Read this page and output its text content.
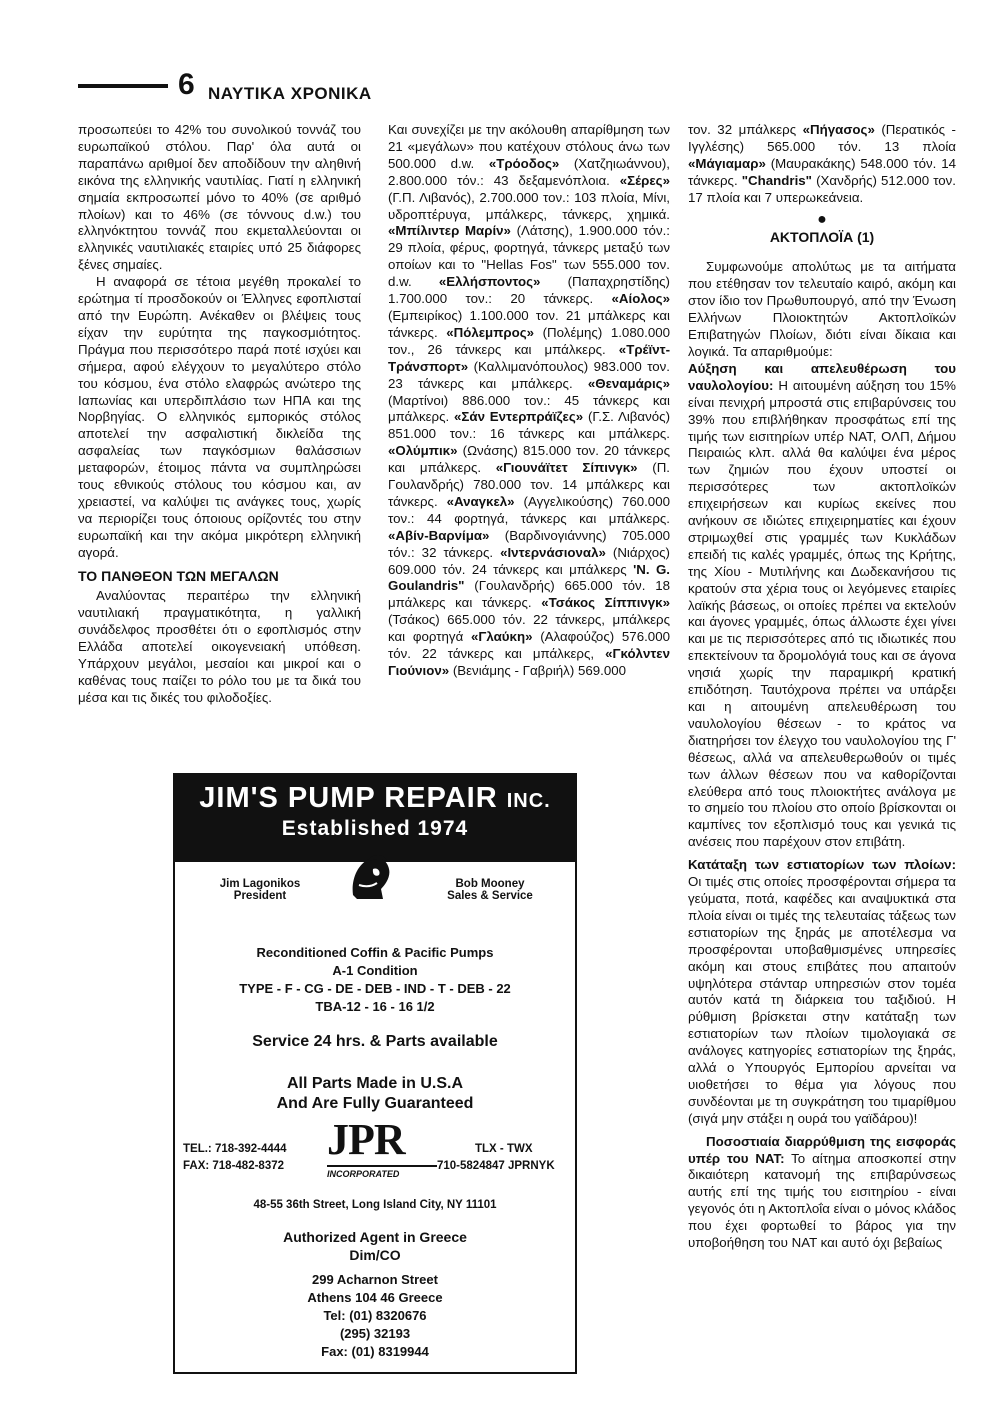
6 ΝΑΥΤΙΚΑ ΧΡΟΝΙΚΑ

προσωπεύει το 42% του συνολικού τοννάζ του ευρωπαϊκού στόλου. Παρ' όλα αυτά οι παραπάνω αριθμοί δεν αποδίδουν την αληθινή εικόνα της ελληνικής ναυτιλίας. Γιατί η ελληνική σημαία εκπροσωπεί μόνο το 40% (σε αριθμό πλοίων) και το 46% (σε τόννους d.w.) του ελληνόκτητου τοννάζ που εκμεταλλεύονται οι ελληνικές ναυτιλιακές εταιρίες υπό 25 διάφορες ξένες σημαίες.

Η αναφορά σε τέτοια μεγέθη προκαλεί το ερώτημα τί προσδοκούν οι Έλληνες εφοπλισταί από την Ευρώπη. Ανέκαθεν οι βλέψεις τους είχαν την ευρύτητα της παγκοσμιότητος. Πράγμα που περισσότερο παρά ποτέ ισχύει και σήμερα, αφού ελέγχουν το μεγαλύτερο στόλο του κόσμου, ένα στόλο ελαφρώς ανώτερο της Ιαπωνίας και υπερδιπλάσιο των ΗΠΑ και της Νορβηγίας. Ο ελληνικός εμπορικός στόλος αποτελεί την ασφαλιστική δικλείδα της ασφαλείας των παγκόσμιων θαλάσσιων μεταφορών, έτοιμος πάντα να συμπληρώσει τους εθνικούς στόλους του κόσμου και, αν χρειαστεί, να καλύψει τις ανάγκες τους, χωρίς να περιορίζει τους όποιους ορίζοντές του στην ευρωπαϊκή και την ακόμα μικρότερη ελληνική αγορά.

ΤΟ ΠΑΝΘΕΟΝ ΤΩΝ ΜΕΓΑΛΩΝ

Αναλύοντας περαιτέρω την ελληνική ναυτιλιακή πραγματικότητα, η γαλλική συνάδελφος προσθέτει ότι ο εφοπλισμός στην Ελλάδα αποτελεί οικογενειακή υπόθεση. Υπάρχουν μεγάλοι, μεσαίοι και μικροί και ο καθένας τους παίζει το ρόλο του με τα δικά του μέσα και τις δικές του φιλοδοξίες.

Και συνεχίζει με την ακόλουθη απαρίθμηση των 21 «μεγάλων» που κατέχουν στόλους άνω των 500.000 d.w. «Τρόοδος» (Χατζηιωάννου), 2.800.000 τόν.: 43 δεξαμενόπλοια. «Σέρες» (Γ.Π. Λιβανός), 2.700.000 τον.: 103 πλοία, Μίνι, υδροπτέρυγα, μπάλκερς, τάνκερς, χημικά. «Μπίλιντερ Μαρίν» (Λάτσης), 1.900.000 τόν.: 29 πλοία, φέρυς, φορτηγά, τάνκερς μεταξύ των οποίων και το "Hellas Fos" των 555.000 τον. d.w. «Ελλήσποντος» (Παπαχρηστίδης) 1.700.000 τον.: 20 τάνκερς. «Αίολος» (Εμπειρίκος) 1.100.000 τον. 21 μπάλκερς και τάνκερς. «Πόλεμπρος» (Πολέμης) 1.080.000 τον., 26 τάνκερς και μπάλκερς. «Τρέϊντ-Τράνσπορτ» (Καλλιμανόπουλος) 983.000 τον. 23 τάνκερς και μπάλκερς. «Θεναμάρις» (Μαρτίνοι) 886.000 τον.: 45 τάνκερς και μπάλκερς. «Σάν Εντερπράϊζες» (Γ.Σ. Λιβανός) 851.000 τον.: 16 τάνκερς και μπάλκερς. «Ολύμπικ» (Ωνάσης) 815.000 τον. 20 τάνκερς και μπάλκερς. «Γιουνάϊτετ Σίπινγκ» (Π. Γουλανδρής) 780.000 τον. 14 μπάλκερς και τάνκερς. «Αναγκελ» (Αγγελικούσης) 760.000 τον.: 44 φορτηγά, τάνκερς και μπάλκερς. «Αβίν-Βαρνίμα» (Βαρδινογιάννης) 705.000 τόν.: 32 τάνκερς. «Ιντερνάσιοναλ» (Νιάρχος) 609.000 τόν. 24 τάνκερς και μπάλκερς 'N. G. Goulandris" (Γουλανδρής) 665.000 τόν. 18 μπάλκερς και τάνκερς. «Τσάκος Σίππινγκ» (Τσάκος) 665.000 τόν. 22 τάνκερς, μπάλκερς και φορτηγά «Γλαύκη» (Αλαφούζος) 576.000 τόν. 22 τάνκερς και μπάλκερς, «Γκόλντεν Γιούνιον» (Βενιάμης - Γαβριήλ) 569.000

τον. 32 μπάλκερς «Πήγασος» (Περατικός - Ιγγλέσης) 565.000 τόν. 13 πλοία «Μάγιαμαρ» (Μαυρακάκης) 548.000 τόν. 14 τάνκερς. "Chandris" (Χανδρής) 512.000 τον. 17 πλοία και 7 υπερωκεάνεια.

●
ΑΚΤΟΠΛΟΪΑ (1)

Συμφωνούμε απολύτως με τα αιτήματα που ετέθησαν τον τελευταίο καιρό, ακόμη και στον ίδιο τον Πρωθυπουργό, από την Ένωση Ελλήνων Πλοιοκτητών Ακτοπλοϊκών Επιβατηγών Πλοίων, διότι είναι δίκαια και λογικά. Τα απαριθμούμε:

Αύξηση και απελευθέρωση του ναυλολογίου: Η αιτουμένη αύξηση του 15% είναι πενιχρή μπροστά στις επιβαρύνσεις του 39% που επιβλήθηκαν προσφάτως επί της τιμής των εισιτηρίων υπέρ ΝΑΤ, ΟΛΠ, Δήμου Πειραιώς κλπ. αλλά θα καλύψει ένα μέρος των ζημιών που έχουν υποστεί οι περισσότερες των ακτοπλοϊκών επιχειρήσεων και κυρίως εκείνες που ανήκουν σε ιδιώτες επιχειρηματίες και έχουν στριμωχθεί στις γραμμές των Κυκλάδων επειδή τις καλές γραμμές, όπως της Κρήτης, της Χίου - Μυτιλήνης και Δωδεκανήσου τις κρατούν στα χέρια τους οι λεγόμενες εταιρίες λαϊκής βάσεως, οι οποίες πρέπει να εκτελούν και άγονες γραμμές, όπως άλλωστε έχει γίνει και με τις περισσότερες από τις ιδιωτικές που επεκτείνουν τα δρομολόγιά τους και σε άγονα νησιά χωρίς την παραμικρή κρατική επιδότηση. Ταυτόχρονα πρέπει να υπάρξει και η αιτουμένη απελευθέρωση του ναυλολογίου θέσεων - το κράτος να διατηρήσει τον έλεγχο του ναυλολογίου της Γ' θέσεως, αλλά να απελευθερωθούν οι τιμές των άλλων θέσεων που να καθορίζονται ελεύθερα από τους πλοιοκτήτες ανάλογα με το σημείο του πλοίου στο οποίο βρίσκονται οι καμπίνες τον εξοπλισμό τους και γενικά τις ανέσεις που παρέχουν στον επιβάτη.

Κατάταξη των εστιατορίων των πλοίων: Οι τιμές στις οποίες προσφέρονται σήμερα τα γεύματα, ποτά, καφέδες και αναψυκτικά στα πλοία είναι οι τιμές της τελευταίας τάξεως των εστιατορίων της ξηράς με αποτέλεσμα να προσφέρονται υποβαθμισμένες υπηρεσίες ακόμη και στους επιβάτες που απαιτούν υψηλότερα στάνταρ υπηρεσιών στον τομέα αυτόν κατά τη διάρκεια του ταξιδιού. Η ρύθμιση βρίσκεται στην κατάταξη των εστιατορίων των πλοίων τιμολογιακά σε ανάλογες κατηγορίες εστιατορίων της ξηράς, αλλά ο Υπουργός Εμπορίου αρνείται να υιοθετήσει το θέμα για λόγους που συνδέονται με τη συγκράτηση του τιμαρίθμου (σιγά μην στάξει η ουρά του γαϊδάρου)!

Ποσοστιαία διαρρύθμιση της εισφοράς υπέρ του ΝΑΤ: Το αίτημα αποσκοπεί στην δικαιότερη κατανομή της επιβαρύνσεως αυτής επί της τιμής του εισιτηρίου - είναι γεγονός ότι η Ακτοπλοΐα είναι ο μόνος κλάδος που έχει φορτωθεί το βάρος για την υποβοήθηση του ΝΑΤ και αυτό όχι βεβαίως

JIM'S PUMP REPAIR INC.
Established 1974
Jim Lagonikos
President
Bob Mooney
Sales & Service
Reconditioned Coffin & Pacific Pumps
A-1 Condition
TYPE - F - CG - DE - DEB - IND - T - DEB - 22
TBA-12 - 16 - 16 1/2
Service 24 hrs. & Parts available
All Parts Made in U.S.A
And Are Fully Guaranteed
JPR
INCORPORATED
TEL.: 718-392-4444
FAX: 718-482-8372
TLX - TWX
710-5824847 JPRNYK
48-55 36th Street, Long Island City, NY 11101
Authorized Agent in Greece
Dim/CO
299 Acharnon Street
Athens 104 46 Greece
Tel: (01) 8320676
(295) 32193
Fax: (01) 8319944
